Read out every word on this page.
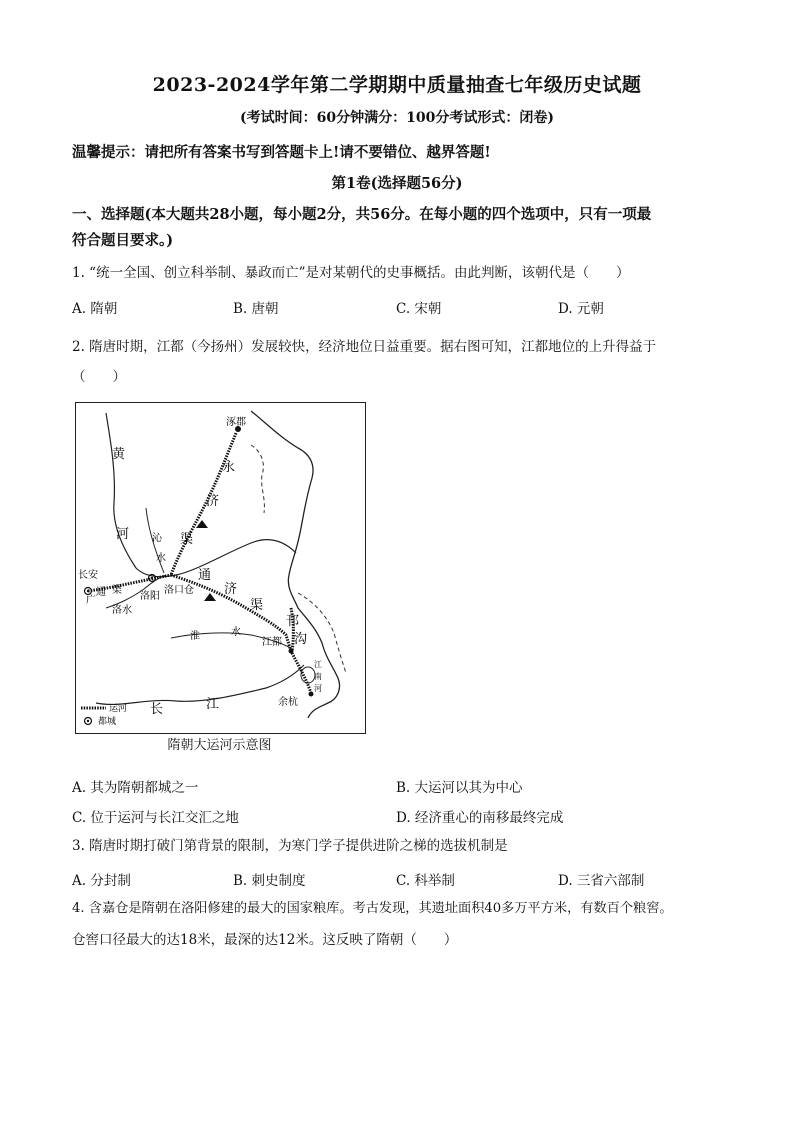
2023-2024学年第二学期期中质量抽查七年级历史试题
(考试时间：60分钟满分：100分考试形式：闭卷)
温馨提示：请把所有答案书写到答题卡上!请不要错位、越界答题!
第1卷(选择题56分)
一、选择题(本大题共28小题，每小题2分，共56分。在每小题的四个选项中，只有一项最
符合题目要求。)
1. “统一全国、创立科举制、暴政而亡”是对某朝代的史事概括。由此判断，该朝代是（　　）
A. 隋朝	B. 唐朝	C. 宋朝	D. 元朝
2. 隋唐时期，江都（今扬州）发展较快，经济地位日益重要。据右图可知，江都地位的上升得益于
（　　）
涿郡
黄
河
永
济
渠
沁
水
长安
广
通 渠
洛阳
洛口仓
洛水
通
济
渠
淮	水
江都
邗
沟
江
南
河
余杭
长	江
运河
都城
隋朝大运河示意图
A. 其为隋朝都城之一	B. 大运河以其为中心
C. 位于运河与长江交汇之地	D. 经济重心的南移最终完成
3. 隋唐时期打破门第背景的限制，为寒门学子提供进阶之梯的选拔机制是
A. 分封制	B. 刺史制度	C. 科举制	D. 三省六部制
4. 含嘉仓是隋朝在洛阳修建的最大的国家粮库。考古发现，其遗址面积40多万平方米，有数百个粮窖。
仓窖口径最大的达18米，最深的达12米。这反映了隋朝（　　）
